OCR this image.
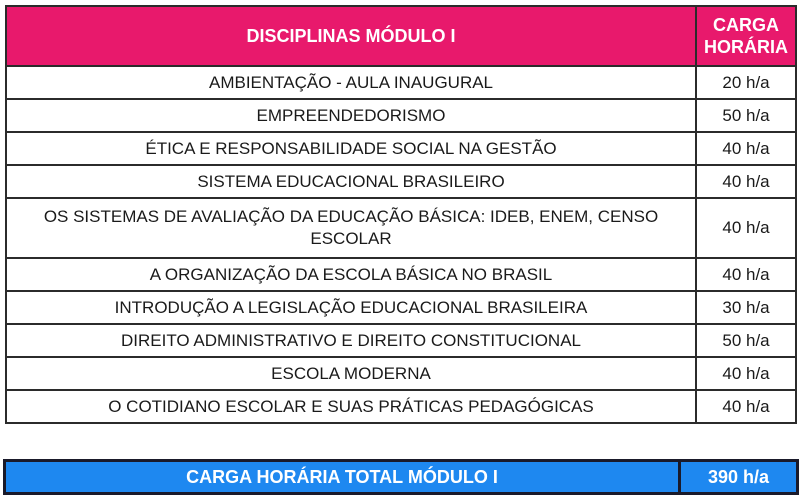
DISCIPLINAS MÓDULO I	CARGA
HORÁRIA
AMBIENTAÇÃO - AULA INAUGURAL	20 h/a
EMPREENDEDORISMO	50 h/a
ÉTICA E RESPONSABILIDADE SOCIAL NA GESTÃO	40 h/a
SISTEMA EDUCACIONAL BRASILEIRO	40 h/a
OS SISTEMAS DE AVALIAÇÃO DA EDUCAÇÃO BÁSICA: IDEB, ENEM, CENSO ESCOLAR	40 h/a
A ORGANIZAÇÃO DA ESCOLA BÁSICA NO BRASIL	40 h/a
INTRODUÇÃO A LEGISLAÇÃO EDUCACIONAL BRASILEIRA	30 h/a
DIREITO ADMINISTRATIVO E DIREITO CONSTITUCIONAL	50 h/a
ESCOLA MODERNA	40 h/a
O COTIDIANO ESCOLAR E SUAS PRÁTICAS PEDAGÓGICAS	40 h/a
CARGA HORÁRIA TOTAL MÓDULO I	390 h/a
